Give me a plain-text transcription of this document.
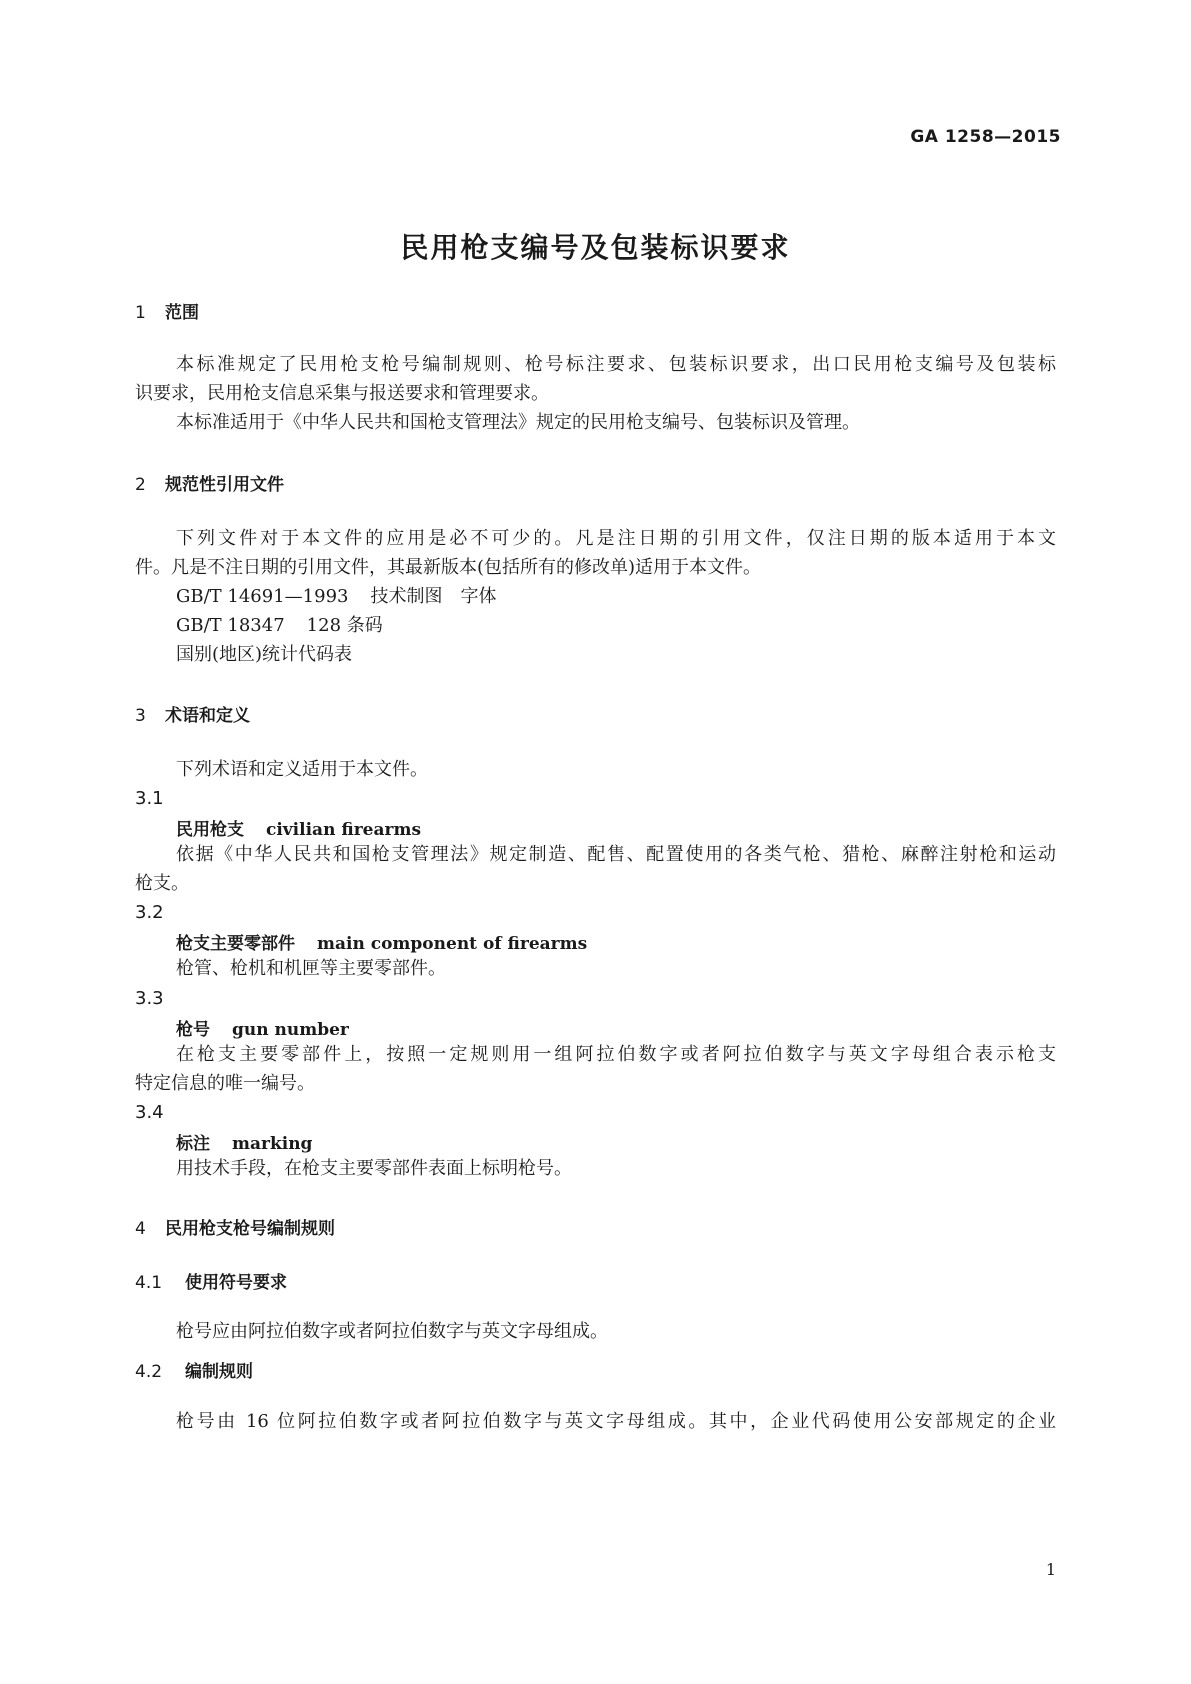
GA 1258—2015
民用枪支编号及包装标识要求
1 范围
本标准规定了民用枪支枪号编制规则、枪号标注要求、包装标识要求，出口民用枪支编号及包装标
识要求，民用枪支信息采集与报送要求和管理要求。
本标准适用于《中华人民共和国枪支管理法》规定的民用枪支编号、包装标识及管理。
2 规范性引用文件
下列文件对于本文件的应用是必不可少的。凡是注日期的引用文件，仅注日期的版本适用于本文
件。凡是不注日期的引用文件，其最新版本(包括所有的修改单)适用于本文件。
GB/T 14691—1993 技术制图　字体
GB/T 18347 128 条码
国别(地区)统计代码表
3 术语和定义
下列术语和定义适用于本文件。
3.1
民用枪支 civilian firearms
依据《中华人民共和国枪支管理法》规定制造、配售、配置使用的各类气枪、猎枪、麻醉注射枪和运动
枪支。
3.2
枪支主要零部件 main component of firearms
枪管、枪机和机匣等主要零部件。
3.3
枪号 gun number
在枪支主要零部件上，按照一定规则用一组阿拉伯数字或者阿拉伯数字与英文字母组合表示枪支
特定信息的唯一编号。
3.4
标注 marking
用技术手段，在枪支主要零部件表面上标明枪号。
4 民用枪支枪号编制规则
4.1 使用符号要求
枪号应由阿拉伯数字或者阿拉伯数字与英文字母组成。
4.2 编制规则
枪号由 16 位阿拉伯数字或者阿拉伯数字与英文字母组成。其中，企业代码使用公安部规定的企业
1
